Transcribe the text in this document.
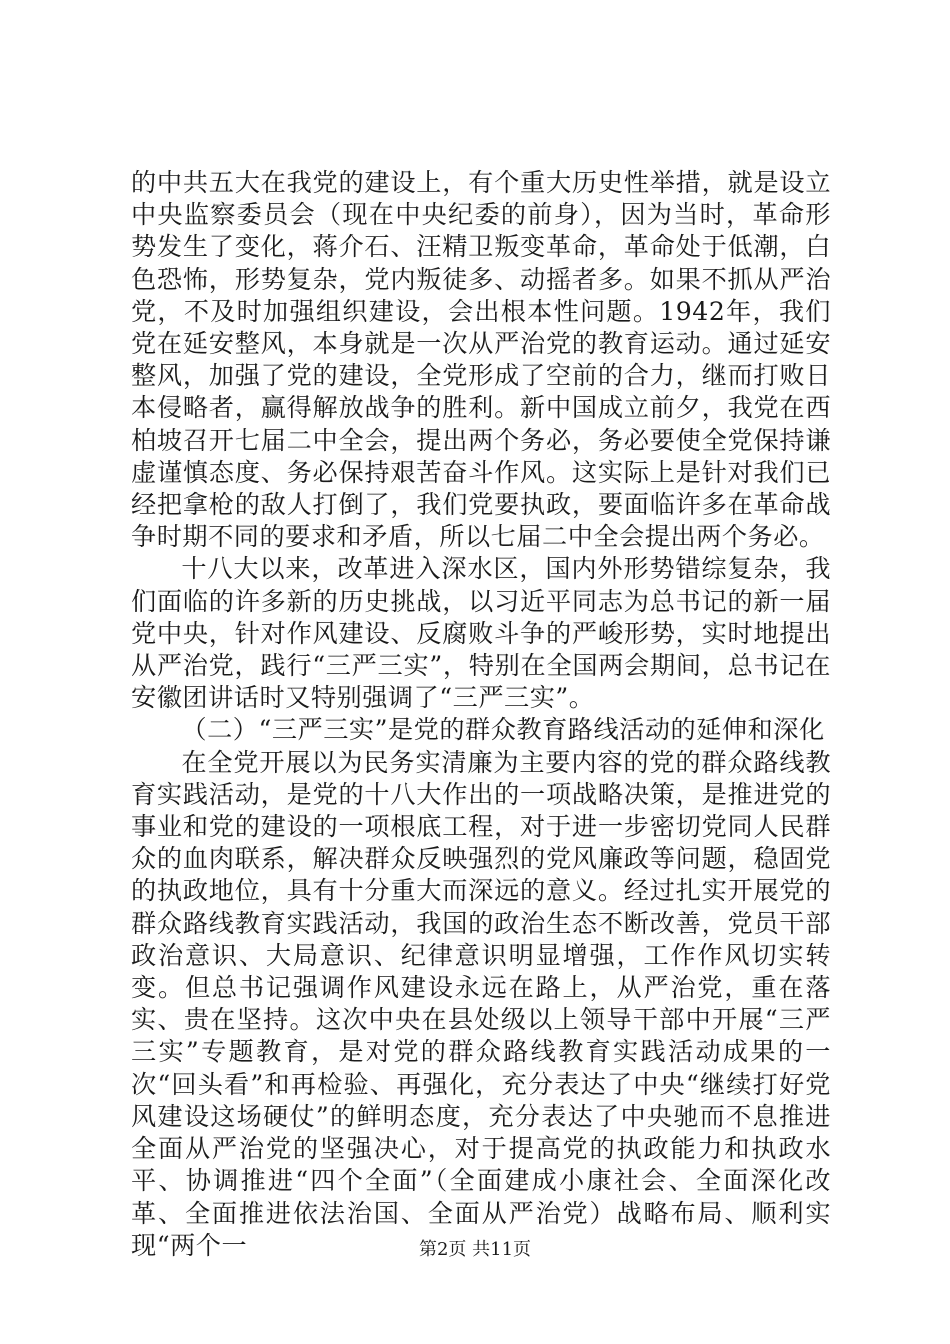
的中共五大在我党的建设上，有个重大历史性举措，就是设立中央监察委员会（现在中央纪委的前身），因为当时，革命形势发生了变化，蒋介石、汪精卫叛变革命，革命处于低潮，白色恐怖，形势复杂，党内叛徒多、动摇者多。如果不抓从严治党，不及时加强组织建设，会出根本性问题。1942年，我们党在延安整风，本身就是一次从严治党的教育运动。通过延安整风，加强了党的建设，全党形成了空前的合力，继而打败日本侵略者，赢得解放战争的胜利。新中国成立前夕，我党在西柏坡召开七届二中全会，提出两个务必，务必要使全党保持谦虚谨慎态度、务必保持艰苦奋斗作风。这实际上是针对我们已经把拿枪的敌人打倒了，我们党要执政，要面临许多在革命战争时期不同的要求和矛盾，所以七届二中全会提出两个务必。

十八大以来，改革进入深水区，国内外形势错综复杂，我们面临的许多新的历史挑战，以习近平同志为总书记的新一届党中央，针对作风建设、反腐败斗争的严峻形势，实时地提出从严治党，践行“三严三实”，特别在全国两会期间，总书记在安徽团讲话时又特别强调了“三严三实”。

（二）“三严三实”是党的群众教育路线活动的延伸和深化

在全党开展以为民务实清廉为主要内容的党的群众路线教育实践活动，是党的十八大作出的一项战略决策，是推进党的事业和党的建设的一项根底工程，对于进一步密切党同人民群众的血肉联系，解决群众反映强烈的党风廉政等问题，稳固党的执政地位，具有十分重大而深远的意义。经过扎实开展党的群众路线教育实践活动，我国的政治生态不断改善，党员干部政治意识、大局意识、纪律意识明显增强，工作作风切实转变。但总书记强调作风建设永远在路上，从严治党，重在落实、贵在坚持。这次中央在县处级以上领导干部中开展“三严三实”专题教育，是对党的群众路线教育实践活动成果的一次“回头看”和再检验、再强化，充分表达了中央“继续打好党风建设这场硬仗”的鲜明态度，充分表达了中央驰而不息推进全面从严治党的坚强决心，对于提高党的执政能力和执政水平、协调推进“四个全面”（全面建成小康社会、全面深化改革、全面推进依法治国、全面从严治党）战略布局、顺利实现“两个一	第2页 共11页
